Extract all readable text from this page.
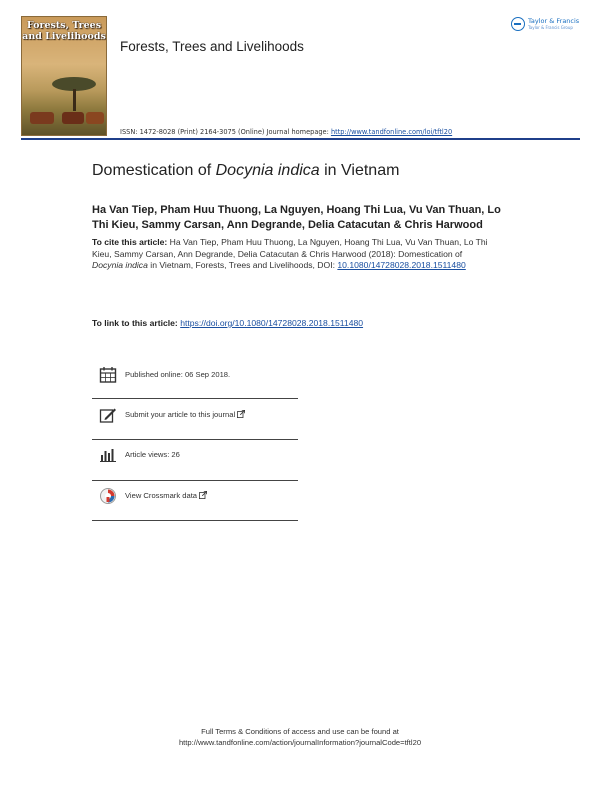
Forests, Trees
and Livelihoods
Forests, Trees and Livelihoods
ISSN: 1472-8028 (Print) 2164-3075 (Online) Journal homepage: http://www.tandfonline.com/loi/tftl20
Taylor & Francis
Taylor & Francis Group
Domestication of Docynia indica in Vietnam
Ha Van Tiep, Pham Huu Thuong, La Nguyen, Hoang Thi Lua, Vu Van Thuan, Lo Thi Kieu, Sammy Carsan, Ann Degrande, Delia Catacutan & Chris Harwood
To cite this article: Ha Van Tiep, Pham Huu Thuong, La Nguyen, Hoang Thi Lua, Vu Van Thuan, Lo Thi Kieu, Sammy Carsan, Ann Degrande, Delia Catacutan & Chris Harwood (2018): Domestication of Docynia indica in Vietnam, Forests, Trees and Livelihoods, DOI: 10.1080/14728028.2018.1511480
To link to this article: https://doi.org/10.1080/14728028.2018.1511480
Published online: 06 Sep 2018.
Submit your article to this journal
Article views: 26
View Crossmark data
Full Terms & Conditions of access and use can be found at
http://www.tandfonline.com/action/journalInformation?journalCode=tftl20
